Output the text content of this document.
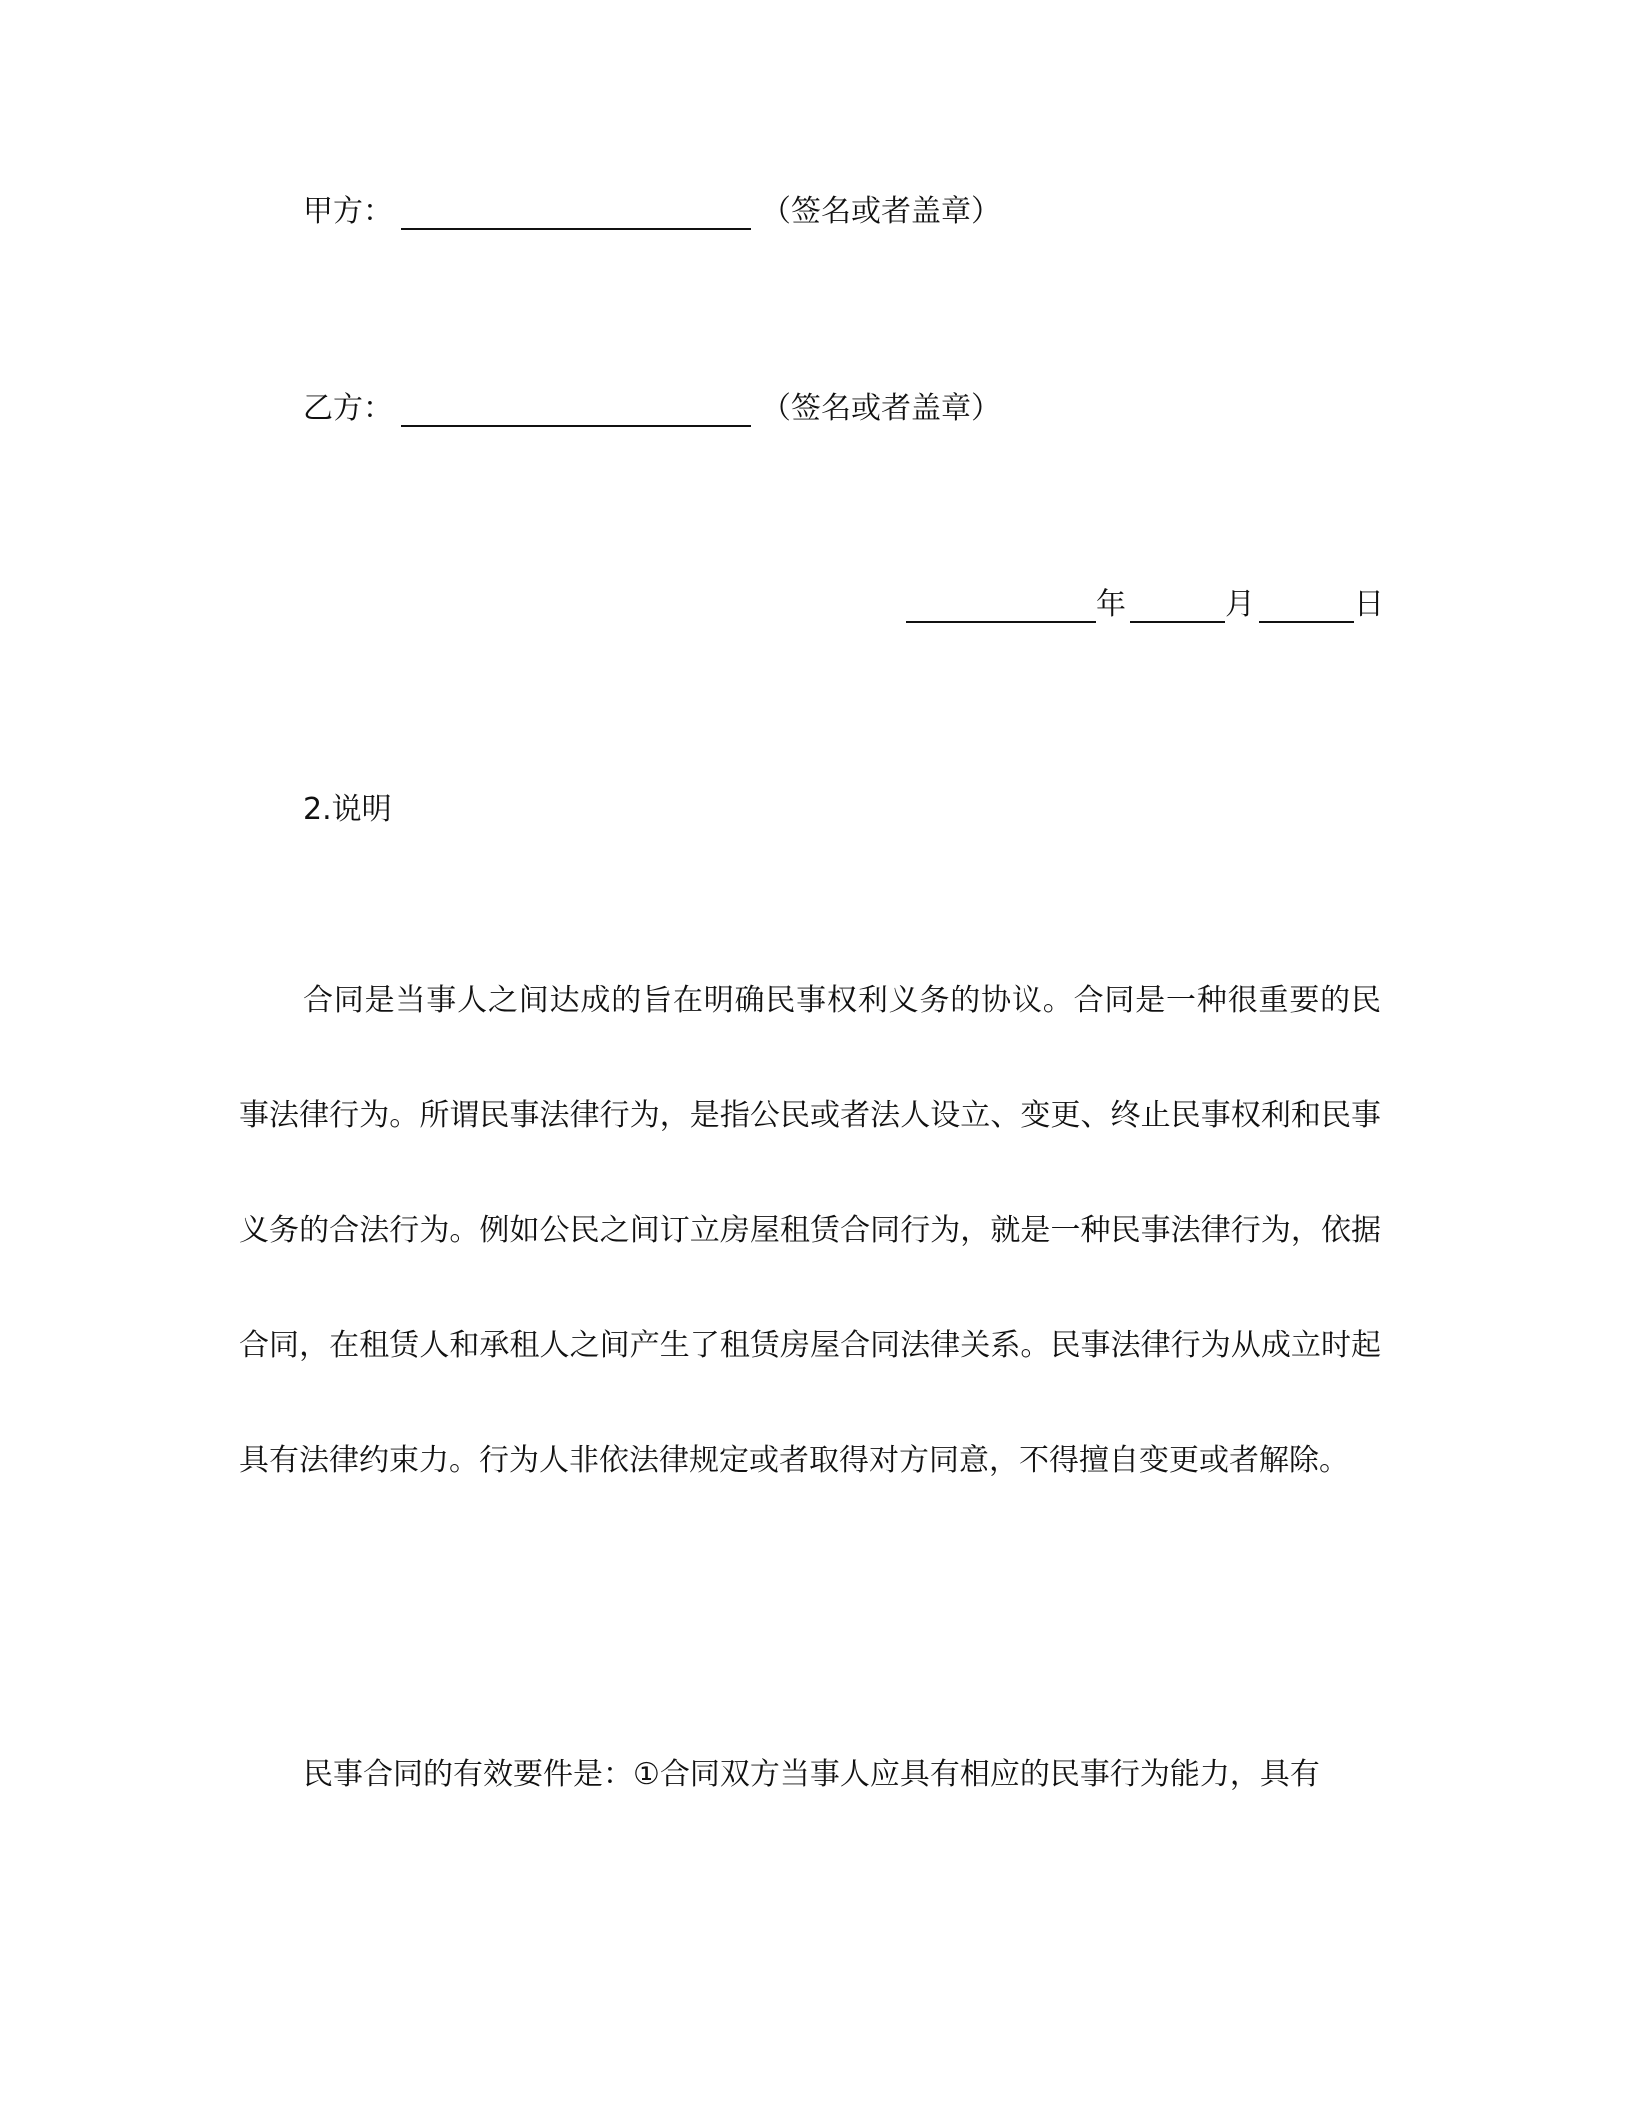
甲方：	（签名或者盖章）
乙方：	（签名或者盖章）
年	月	日
2.说明

合同是当事人之间达成的旨在明确民事权利义务的协议。合同是一种很重要的民事法律行为。所谓民事法律行为，是指公民或者法人设立、变更、终止民事权利和民事义务的合法行为。例如公民之间订立房屋租赁合同行为，就是一种民事法律行为，依据合同，在租赁人和承租人之间产生了租赁房屋合同法律关系。民事法律行为从成立时起具有法律约束力。行为人非依法律规定或者取得对方同意，不得擅自变更或者解除。

民事合同的有效要件是：①合同双方当事人应具有相应的民事行为能力，具有
